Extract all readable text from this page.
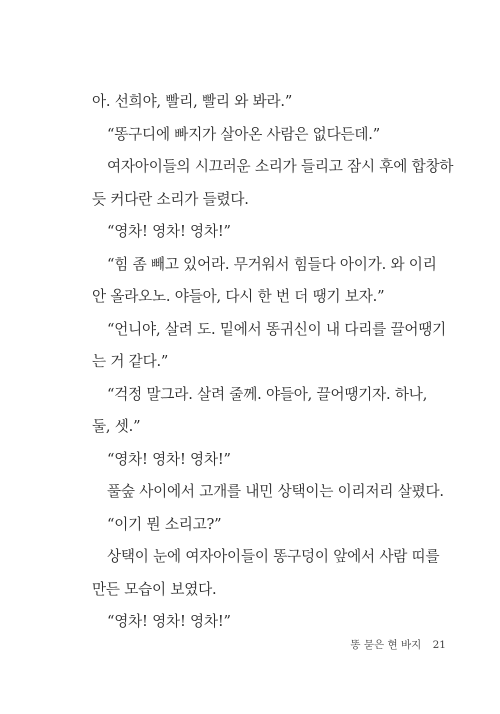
아. 선희야, 빨리, 빨리 와 봐라.”
“똥구디에 빠지가 살아온 사람은 없다든데.”
여자아이들의 시끄러운 소리가 들리고 잠시 후에 합창하
듯 커다란 소리가 들렸다.
“영차! 영차! 영차!”
“힘 좀 빼고 있어라. 무거워서 힘들다 아이가. 와 이리
안 올라오노. 야들아, 다시 한 번 더 땡기 보자.”
“언니야, 살려 도. 밑에서 똥귀신이 내 다리를 끌어땡기
는 거 같다.”
“걱정 말그라. 살려 줄께. 야들아, 끌어땡기자. 하나,
둘, 셋.”
“영차! 영차! 영차!”
풀숲 사이에서 고개를 내민 상택이는 이리저리 살폈다.
“이기 뭔 소리고?”
상택이 눈에 여자아이들이 똥구덩이 앞에서 사람 띠를
만든 모습이 보였다.
“영차! 영차! 영차!”
똥 묻은 현 바지 21
